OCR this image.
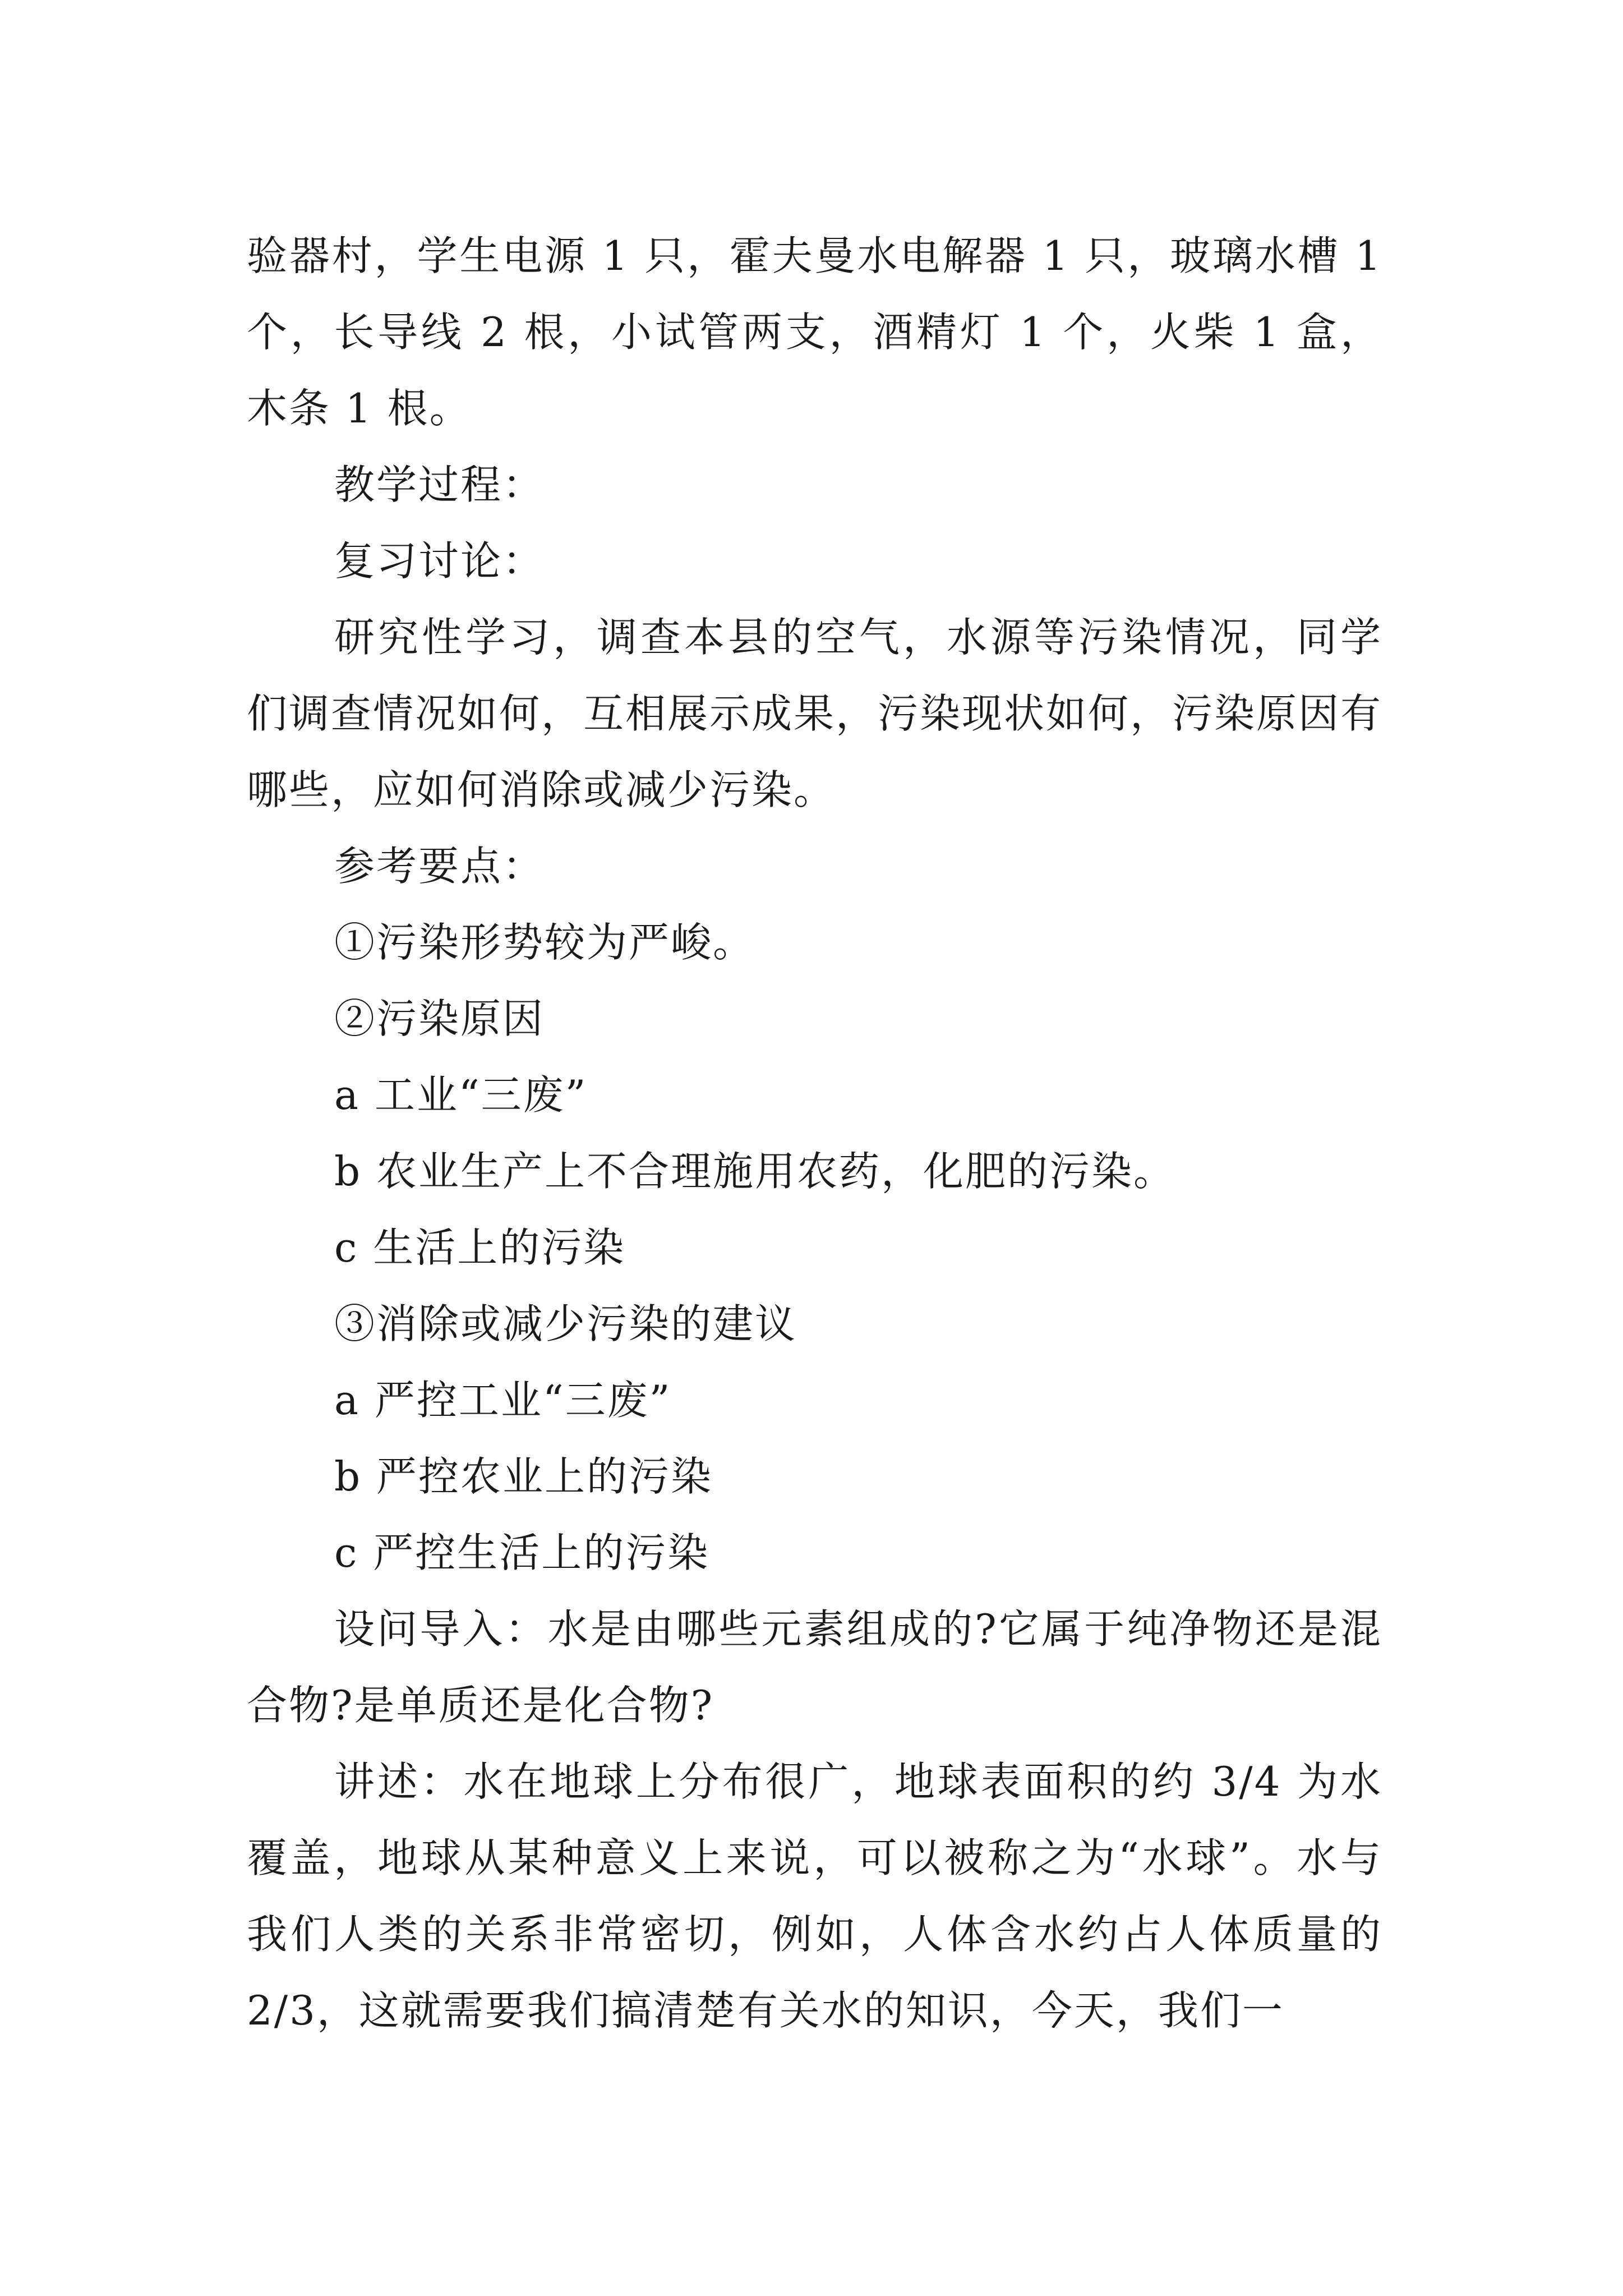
验器村，学生电源 1 只，霍夫曼水电解器 1 只，玻璃水槽 1 个，长导线 2 根，小试管两支，酒精灯 1 个，火柴 1 盒，木条 1 根。

教学过程：

复习讨论：

研究性学习，调查本县的空气，水源等污染情况，同学们调查情况如何，互相展示成果，污染现状如何，污染原因有哪些，应如何消除或减少污染。

参考要点：

①污染形势较为严峻。

②污染原因

a 工业“三废”

b 农业生产上不合理施用农药，化肥的污染。

c 生活上的污染

③消除或减少污染的建议

a 严控工业“三废”

b 严控农业上的污染

c 严控生活上的污染

设问导入：水是由哪些元素组成的?它属于纯净物还是混合物?是单质还是化合物?

讲述：水在地球上分布很广，地球表面积的约 3/4 为水覆盖，地球从某种意义上来说，可以被称之为“水球”。水与我们人类的关系非常密切，例如，人体含水约占人体质量的 2/3，这就需要我们搞清楚有关水的知识，今天，我们一
